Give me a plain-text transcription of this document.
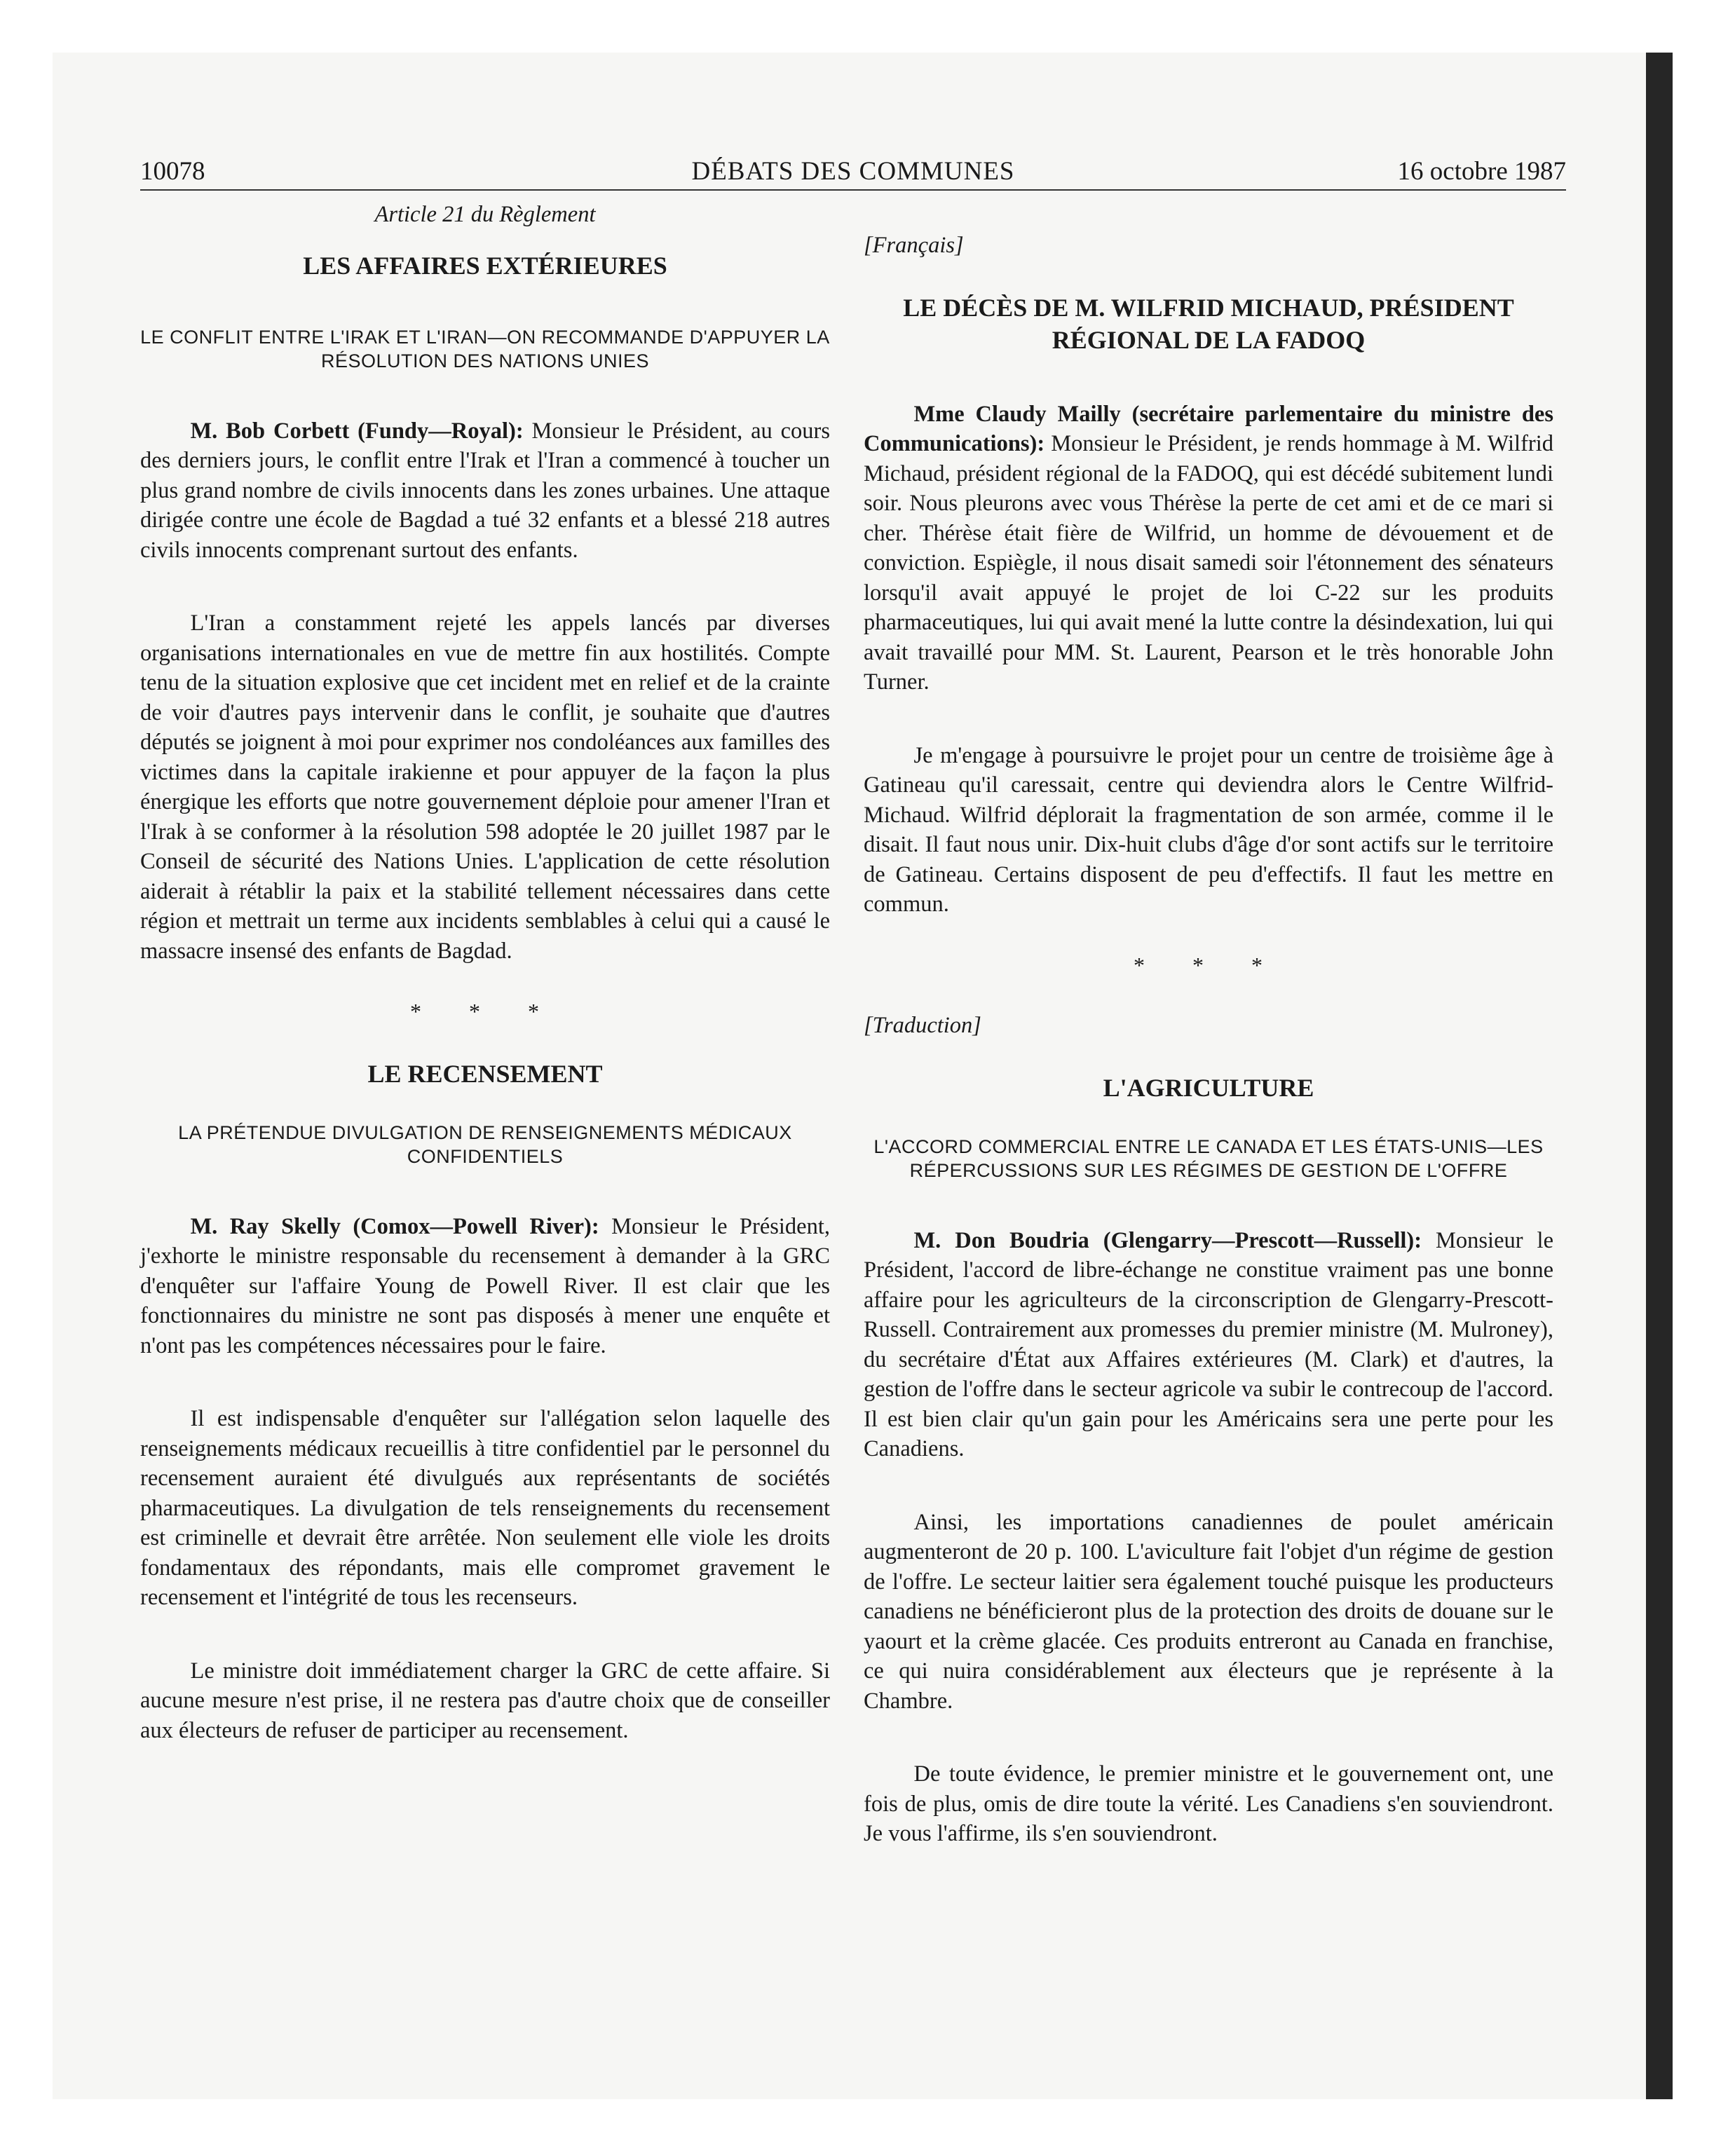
DÉBATS DES COMMUNES
10078	16 octobre 1987

Article 21 du Règlement

LES AFFAIRES EXTÉRIEURES

LE CONFLIT ENTRE L'IRAK ET L'IRAN—ON RECOMMANDE D'APPUYER LA RÉSOLUTION DES NATIONS UNIES

M. Bob Corbett (Fundy—Royal): Monsieur le Président, au cours des derniers jours, le conflit entre l'Irak et l'Iran a commencé à toucher un plus grand nombre de civils innocents dans les zones urbaines. Une attaque dirigée contre une école de Bagdad a tué 32 enfants et a blessé 218 autres civils innocents comprenant surtout des enfants.

L'Iran a constamment rejeté les appels lancés par diverses organisations internationales en vue de mettre fin aux hostilités. Compte tenu de la situation explosive que cet incident met en relief et de la crainte de voir d'autres pays intervenir dans le conflit, je souhaite que d'autres députés se joignent à moi pour exprimer nos condoléances aux familles des victimes dans la capitale irakienne et pour appuyer de la façon la plus énergique les efforts que notre gouvernement déploie pour amener l'Iran et l'Irak à se conformer à la résolution 598 adoptée le 20 juillet 1987 par le Conseil de sécurité des Nations Unies. L'application de cette résolution aiderait à rétablir la paix et la stabilité tellement nécessaires dans cette région et mettrait un terme aux incidents semblables à celui qui a causé le massacre insensé des enfants de Bagdad.

* * *

LE RECENSEMENT

LA PRÉTENDUE DIVULGATION DE RENSEIGNEMENTS MÉDICAUX CONFIDENTIELS

M. Ray Skelly (Comox—Powell River): Monsieur le Président, j'exhorte le ministre responsable du recensement à demander à la GRC d'enquêter sur l'affaire Young de Powell River. Il est clair que les fonctionnaires du ministre ne sont pas disposés à mener une enquête et n'ont pas les compétences nécessaires pour le faire.

Il est indispensable d'enquêter sur l'allégation selon laquelle des renseignements médicaux recueillis à titre confidentiel par le personnel du recensement auraient été divulgués aux représentants de sociétés pharmaceutiques. La divulgation de tels renseignements du recensement est criminelle et devrait être arrêtée. Non seulement elle viole les droits fondamentaux des répondants, mais elle compromet gravement le recensement et l'intégrité de tous les recenseurs.

Le ministre doit immédiatement charger la GRC de cette affaire. Si aucune mesure n'est prise, il ne restera pas d'autre choix que de conseiller aux électeurs de refuser de participer au recensement.

[Français]

LE DÉCÈS DE M. WILFRID MICHAUD, PRÉSIDENT RÉGIONAL DE LA FADOQ

Mme Claudy Mailly (secrétaire parlementaire du ministre des Communications): Monsieur le Président, je rends hommage à M. Wilfrid Michaud, président régional de la FADOQ, qui est décédé subitement lundi soir. Nous pleurons avec vous Thérèse la perte de cet ami et de ce mari si cher. Thérèse était fière de Wilfrid, un homme de dévouement et de conviction. Espiègle, il nous disait samedi soir l'étonnement des sénateurs lorsqu'il avait appuyé le projet de loi C-22 sur les produits pharmaceutiques, lui qui avait mené la lutte contre la désindexation, lui qui avait travaillé pour MM. St. Laurent, Pearson et le très honorable John Turner.

Je m'engage à poursuivre le projet pour un centre de troisième âge à Gatineau qu'il caressait, centre qui deviendra alors le Centre Wilfrid-Michaud. Wilfrid déplorait la fragmentation de son armée, comme il le disait. Il faut nous unir. Dix-huit clubs d'âge d'or sont actifs sur le territoire de Gatineau. Certains disposent de peu d'effectifs. Il faut les mettre en commun.

* * *

[Traduction]

L'AGRICULTURE

L'ACCORD COMMERCIAL ENTRE LE CANADA ET LES ÉTATS-UNIS—LES RÉPERCUSSIONS SUR LES RÉGIMES DE GESTION DE L'OFFRE

M. Don Boudria (Glengarry—Prescott—Russell): Monsieur le Président, l'accord de libre-échange ne constitue vraiment pas une bonne affaire pour les agriculteurs de la circonscription de Glengarry-Prescott-Russell. Contrairement aux promesses du premier ministre (M. Mulroney), du secrétaire d'État aux Affaires extérieures (M. Clark) et d'autres, la gestion de l'offre dans le secteur agricole va subir le contrecoup de l'accord. Il est bien clair qu'un gain pour les Américains sera une perte pour les Canadiens.

Ainsi, les importations canadiennes de poulet américain augmenteront de 20 p. 100. L'aviculture fait l'objet d'un régime de gestion de l'offre. Le secteur laitier sera également touché puisque les producteurs canadiens ne bénéficieront plus de la protection des droits de douane sur le yaourt et la crème glacée. Ces produits entreront au Canada en franchise, ce qui nuira considérablement aux électeurs que je représente à la Chambre.

De toute évidence, le premier ministre et le gouvernement ont, une fois de plus, omis de dire toute la vérité. Les Canadiens s'en souviendront. Je vous l'affirme, ils s'en souviendront.
